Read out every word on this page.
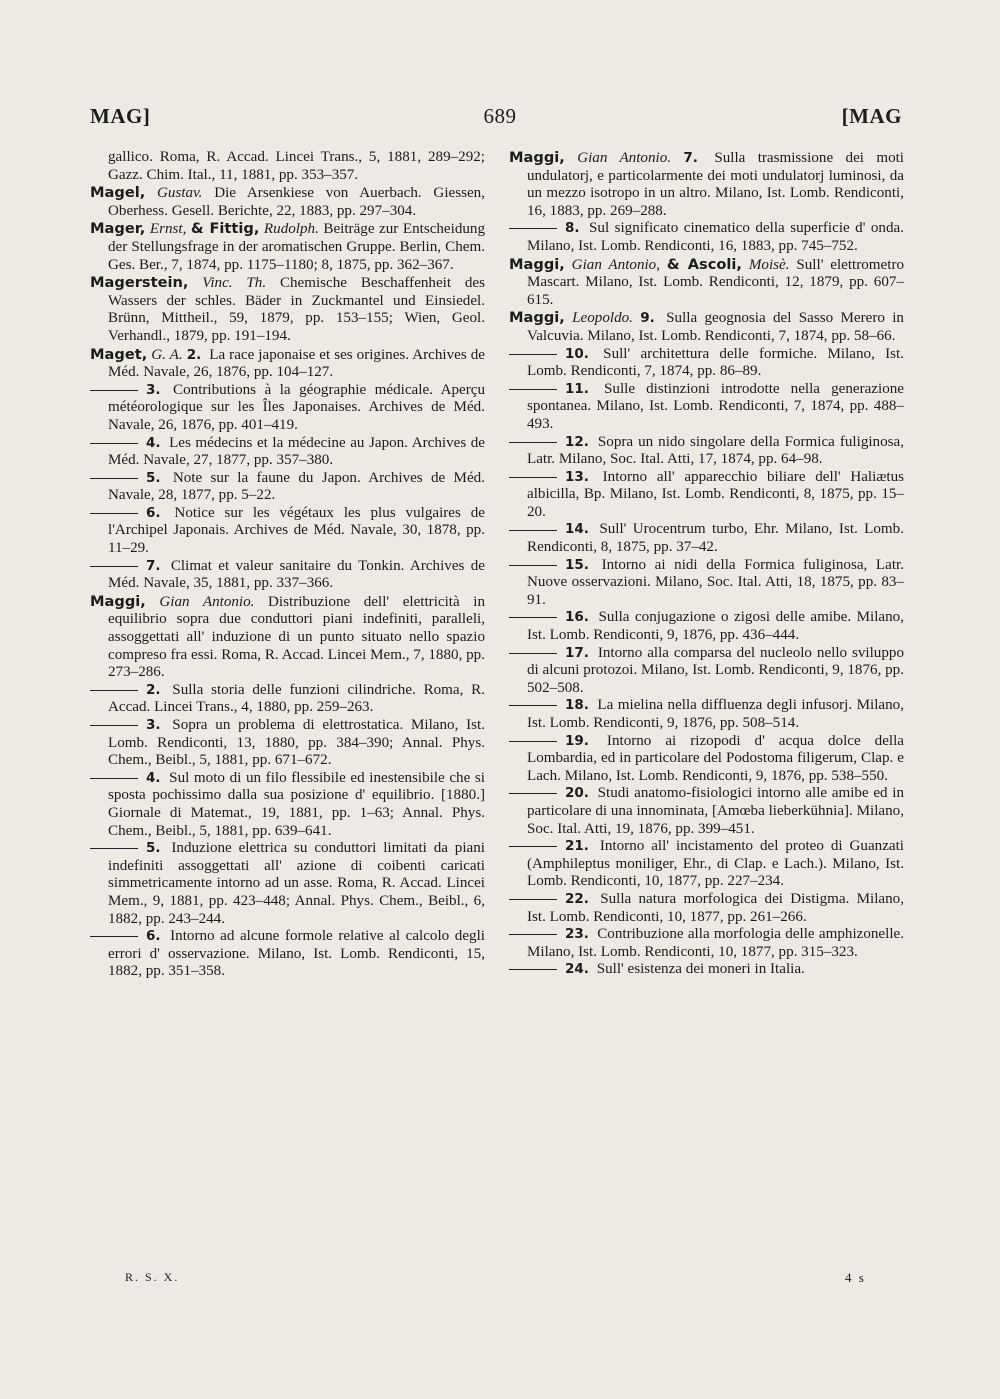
MAG]	689	[MAG

gallico. Roma, R. Accad. Lincei Trans., 5, 1881, 289–292; Gazz. Chim. Ital., 11, 1881, pp. 353–357.

Magel, Gustav. Die Arsenkiese von Auerbach. Giessen, Oberhess. Gesell. Berichte, 22, 1883, pp. 297–304.

Mager, Ernst, & Fittig, Rudolph. Beiträge zur Entscheidung der Stellungsfrage in der aromatischen Gruppe. Berlin, Chem. Ges. Ber., 7, 1874, pp. 1175–1180; 8, 1875, pp. 362–367.

Magerstein, Vinc. Th. Chemische Beschaffenheit des Wassers der schles. Bäder in Zuckmantel und Einsiedel. Brünn, Mittheil., 59, 1879, pp. 153–155; Wien, Geol. Verhandl., 1879, pp. 191–194.

Maget, G. A. 2. La race japonaise et ses origines. Archives de Méd. Navale, 26, 1876, pp. 104–127.

3. Contributions à la géographie médicale. Aperçu météorologique sur les Îles Japonaises. Archives de Méd. Navale, 26, 1876, pp. 401–419.

4. Les médecins et la médecine au Japon. Archives de Méd. Navale, 27, 1877, pp. 357–380.

5. Note sur la faune du Japon. Archives de Méd. Navale, 28, 1877, pp. 5–22.

6. Notice sur les végétaux les plus vulgaires de l'Archipel Japonais. Archives de Méd. Navale, 30, 1878, pp. 11–29.

7. Climat et valeur sanitaire du Tonkin. Archives de Méd. Navale, 35, 1881, pp. 337–366.

Maggi, Gian Antonio. Distribuzione dell' elettricità in equilibrio sopra due conduttori piani indefiniti, paralleli, assoggettati all' induzione di un punto situato nello spazio compreso fra essi. Roma, R. Accad. Lincei Mem., 7, 1880, pp. 273–286.

2. Sulla storia delle funzioni cilindriche. Roma, R. Accad. Lincei Trans., 4, 1880, pp. 259–263.

3. Sopra un problema di elettrostatica. Milano, Ist. Lomb. Rendiconti, 13, 1880, pp. 384–390; Annal. Phys. Chem., Beibl., 5, 1881, pp. 671–672.

4. Sul moto di un filo flessibile ed inestensibile che si sposta pochissimo dalla sua posizione d' equilibrio. [1880.] Giornale di Matemat., 19, 1881, pp. 1–63; Annal. Phys. Chem., Beibl., 5, 1881, pp. 639–641.

5. Induzione elettrica su conduttori limitati da piani indefiniti assoggettati all' azione di coibenti caricati simmetricamente intorno ad un asse. Roma, R. Accad. Lincei Mem., 9, 1881, pp. 423–448; Annal. Phys. Chem., Beibl., 6, 1882, pp. 243–244.

6. Intorno ad alcune formole relative al calcolo degli errori d' osservazione. Milano, Ist. Lomb. Rendiconti, 15, 1882, pp. 351–358.

Maggi, Gian Antonio. 7. Sulla trasmissione dei moti undulatorj, e particolarmente dei moti undulatorj luminosi, da un mezzo isotropo in un altro. Milano, Ist. Lomb. Rendiconti, 16, 1883, pp. 269–288.

8. Sul significato cinematico della superficie d' onda. Milano, Ist. Lomb. Rendiconti, 16, 1883, pp. 745–752.

Maggi, Gian Antonio, & Ascoli, Moisè. Sull' elettrometro Mascart. Milano, Ist. Lomb. Rendiconti, 12, 1879, pp. 607–615.

Maggi, Leopoldo. 9. Sulla geognosia del Sasso Merero in Valcuvia. Milano, Ist. Lomb. Rendiconti, 7, 1874, pp. 58–66.

10. Sull' architettura delle formiche. Milano, Ist. Lomb. Rendiconti, 7, 1874, pp. 86–89.

11. Sulle distinzioni introdotte nella generazione spontanea. Milano, Ist. Lomb. Rendiconti, 7, 1874, pp. 488–493.

12. Sopra un nido singolare della Formica fuliginosa, Latr. Milano, Soc. Ital. Atti, 17, 1874, pp. 64–98.

13. Intorno all' apparecchio biliare dell' Haliætus albicilla, Bp. Milano, Ist. Lomb. Rendiconti, 8, 1875, pp. 15–20.

14. Sull' Urocentrum turbo, Ehr. Milano, Ist. Lomb. Rendiconti, 8, 1875, pp. 37–42.

15. Intorno ai nidi della Formica fuliginosa, Latr. Nuove osservazioni. Milano, Soc. Ital. Atti, 18, 1875, pp. 83–91.

16. Sulla conjugazione o zigosi delle amibe. Milano, Ist. Lomb. Rendiconti, 9, 1876, pp. 436–444.

17. Intorno alla comparsa del nucleolo nello sviluppo di alcuni protozoi. Milano, Ist. Lomb. Rendiconti, 9, 1876, pp. 502–508.

18. La mielina nella diffluenza degli infusorj. Milano, Ist. Lomb. Rendiconti, 9, 1876, pp. 508–514.

19. Intorno ai rizopodi d' acqua dolce della Lombardia, ed in particolare del Podostoma filigerum, Clap. e Lach. Milano, Ist. Lomb. Rendiconti, 9, 1876, pp. 538–550.

20. Studi anatomo-fisiologici intorno alle amibe ed in particolare di una innominata, [Amœba lieberkühnia]. Milano, Soc. Ital. Atti, 19, 1876, pp. 399–451.

21. Intorno all' incistamento del proteo di Guanzati (Amphileptus moniliger, Ehr., di Clap. e Lach.). Milano, Ist. Lomb. Rendiconti, 10, 1877, pp. 227–234.

22. Sulla natura morfologica dei Distigma. Milano, Ist. Lomb. Rendiconti, 10, 1877, pp. 261–266.

23. Contribuzione alla morfologia delle amphizonelle. Milano, Ist. Lomb. Rendiconti, 10, 1877, pp. 315–323.

24. Sull' esistenza dei moneri in Italia.

R. S. X.	4 s
